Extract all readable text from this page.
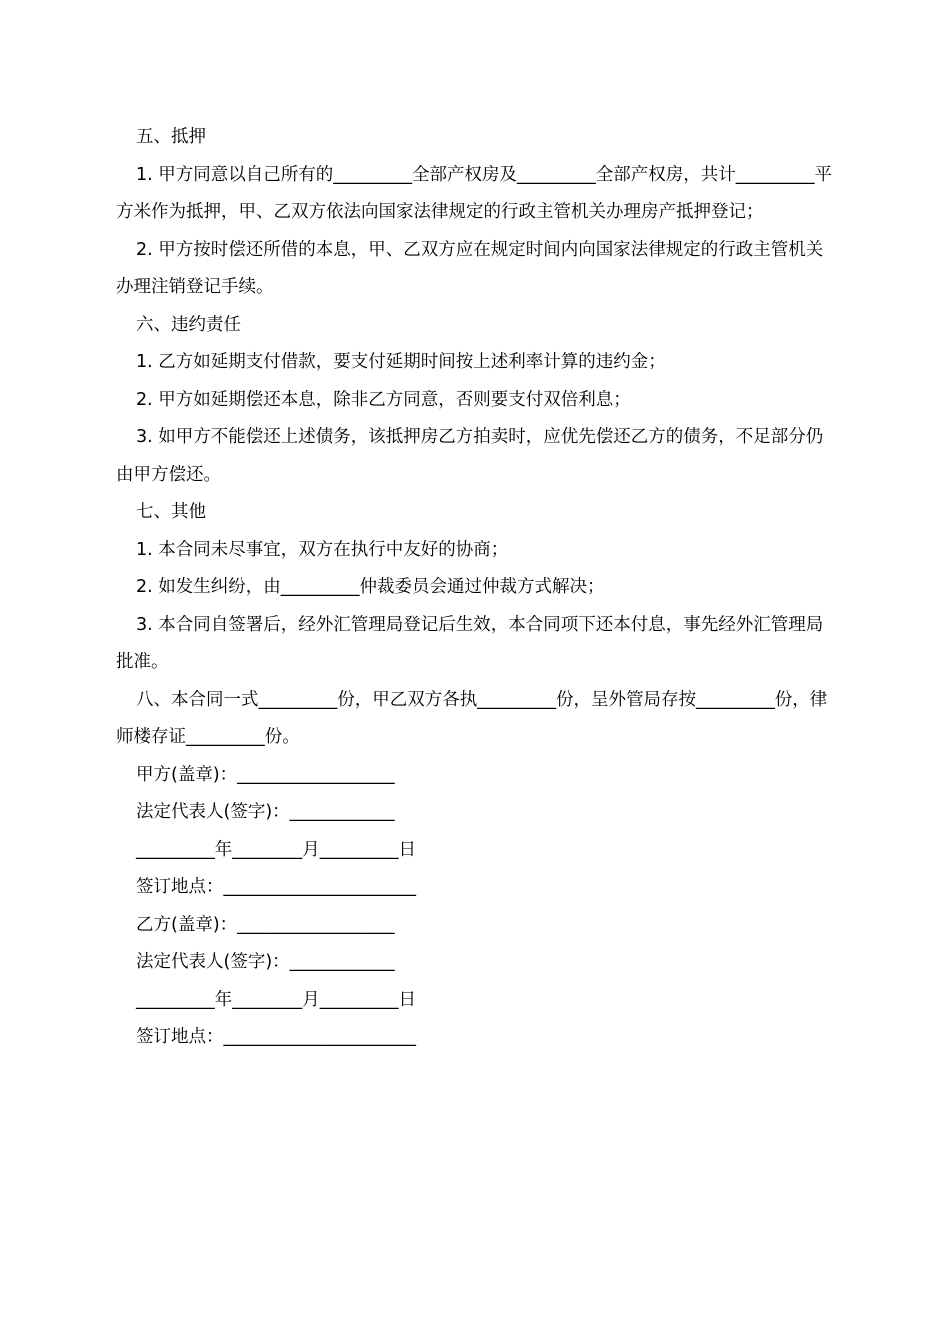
五、抵押

1. 甲方同意以自己所有的_________全部产权房及_________全部产权房，共计_________平方米作为抵押，甲、乙双方依法向国家法律规定的行政主管机关办理房产抵押登记；

2. 甲方按时偿还所借的本息，甲、乙双方应在规定时间内向国家法律规定的行政主管机关办理注销登记手续。

六、违约责任

1. 乙方如延期支付借款，要支付延期时间按上述利率计算的违约金；

2. 甲方如延期偿还本息，除非乙方同意，否则要支付双倍利息；

3. 如甲方不能偿还上述债务，该抵押房乙方拍卖时，应优先偿还乙方的债务，不足部分仍由甲方偿还。

七、其他

1. 本合同未尽事宜，双方在执行中友好的协商；

2. 如发生纠纷，由_________仲裁委员会通过仲裁方式解决；

3. 本合同自签署后，经外汇管理局登记后生效，本合同项下还本付息，事先经外汇管理局批准。

八、本合同一式_________份，甲乙双方各执_________份，呈外管局存按_________份，律师楼存证_________份。

甲方(盖章)：__________________

法定代表人(签字)：____________

_________年________月_________日

签订地点：______________________

乙方(盖章)：__________________

法定代表人(签字)：____________

_________年________月_________日

签订地点：______________________
